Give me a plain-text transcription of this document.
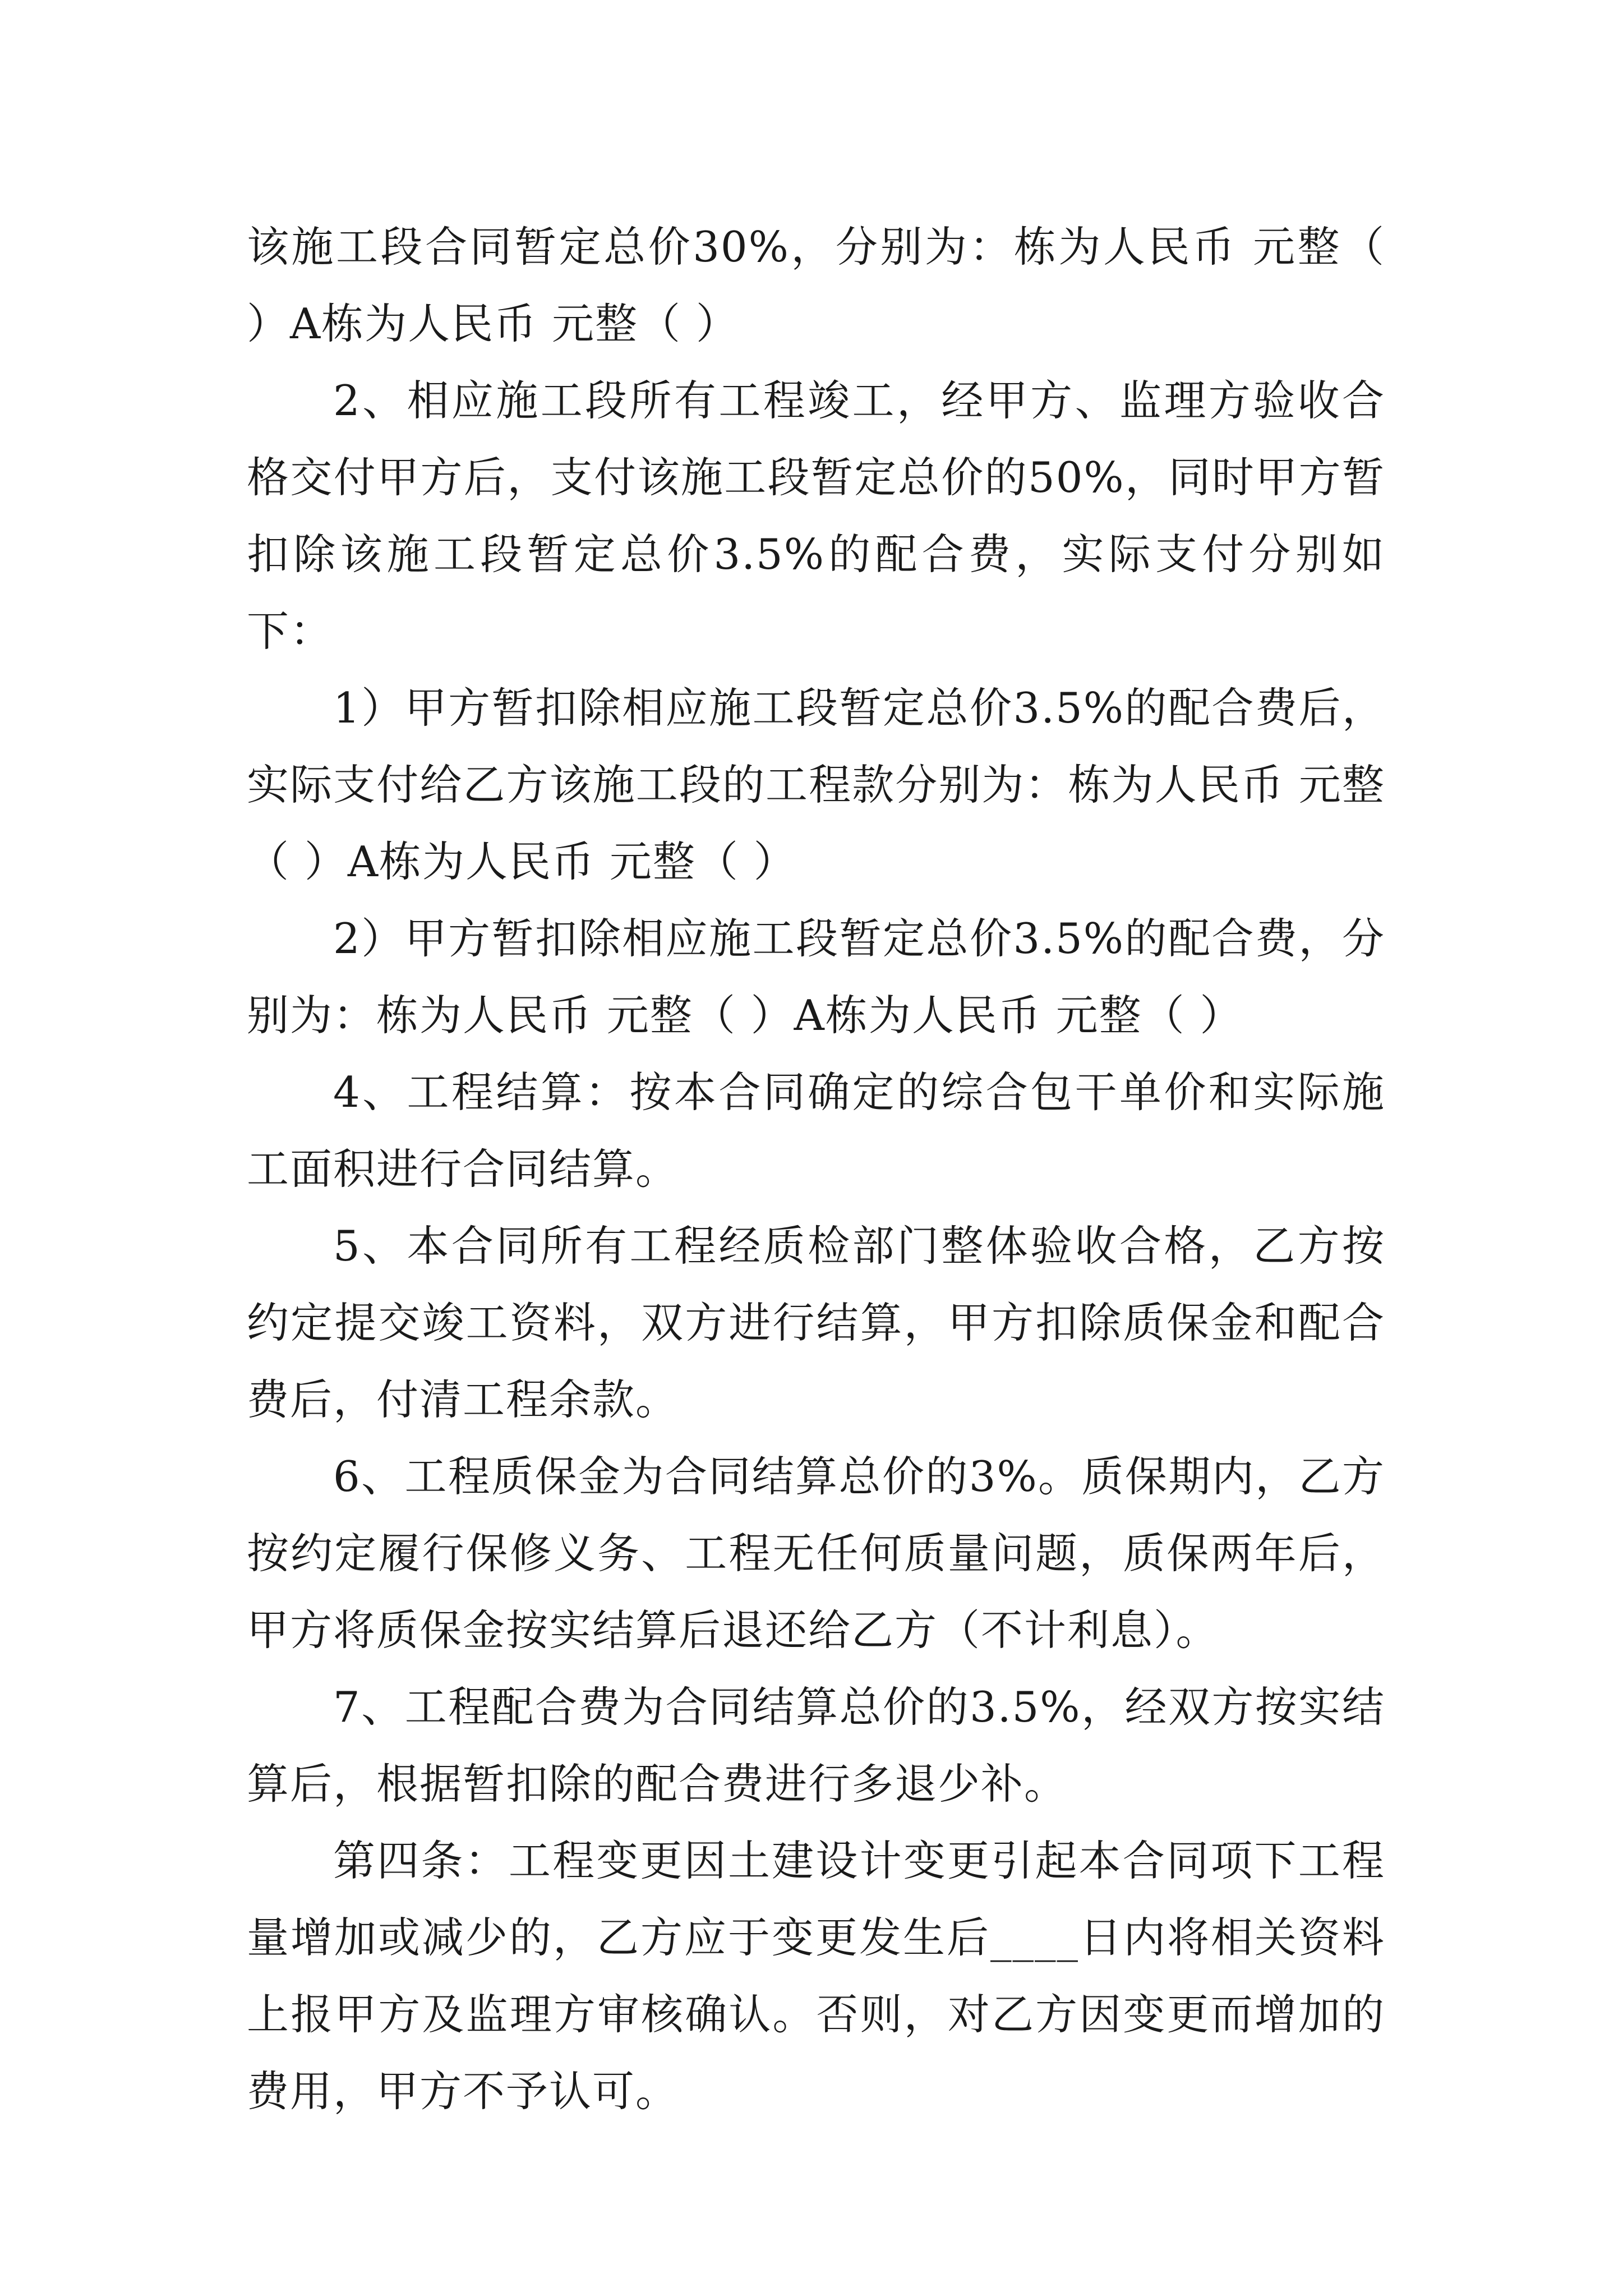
该施工段合同暂定总价30%，分别为：栋为人民币 元整（ ）A栋为人民币 元整（ ）

2、相应施工段所有工程竣工，经甲方、监理方验收合格交付甲方后，支付该施工段暂定总价的50%，同时甲方暂扣除该施工段暂定总价3.5%的配合费，实际支付分别如下：

1）甲方暂扣除相应施工段暂定总价3.5%的配合费后，实际支付给乙方该施工段的工程款分别为：栋为人民币 元整（ ）A栋为人民币 元整（ ）

2）甲方暂扣除相应施工段暂定总价3.5%的配合费，分别为：栋为人民币 元整（ ）A栋为人民币 元整（ ）

4、工程结算：按本合同确定的综合包干单价和实际施工面积进行合同结算。

5、本合同所有工程经质检部门整体验收合格，乙方按约定提交竣工资料，双方进行结算，甲方扣除质保金和配合费后，付清工程余款。

6、工程质保金为合同结算总价的3%。质保期内，乙方按约定履行保修义务、工程无任何质量问题，质保两年后，甲方将质保金按实结算后退还给乙方（不计利息）。

7、工程配合费为合同结算总价的3.5%，经双方按实结算后，根据暂扣除的配合费进行多退少补。

第四条：工程变更因土建设计变更引起本合同项下工程量增加或减少的，乙方应于变更发生后____日内将相关资料上报甲方及监理方审核确认。否则，对乙方因变更而增加的费用，甲方不予认可。
